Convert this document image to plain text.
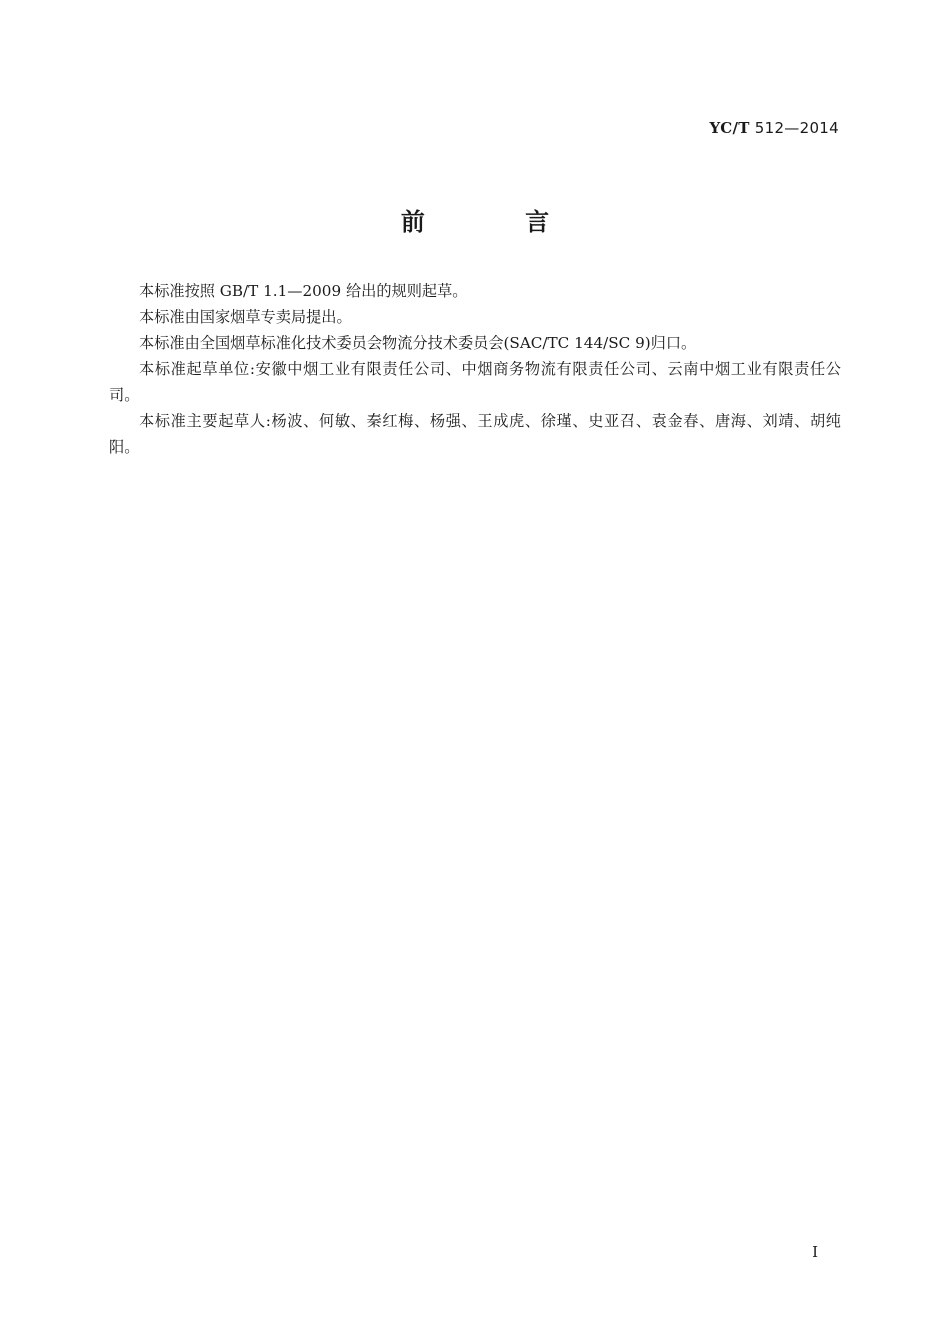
YC/T 512—2014
前 言

本标准按照 GB/T 1.1—2009 给出的规则起草。

本标准由国家烟草专卖局提出。

本标准由全国烟草标准化技术委员会物流分技术委员会(SAC/TC 144/SC 9)归口。

本标准起草单位:安徽中烟工业有限责任公司、中烟商务物流有限责任公司、云南中烟工业有限责任公司。

本标准主要起草人:杨波、何敏、秦红梅、杨强、王成虎、徐瑾、史亚召、袁金春、唐海、刘靖、胡纯阳。

I
